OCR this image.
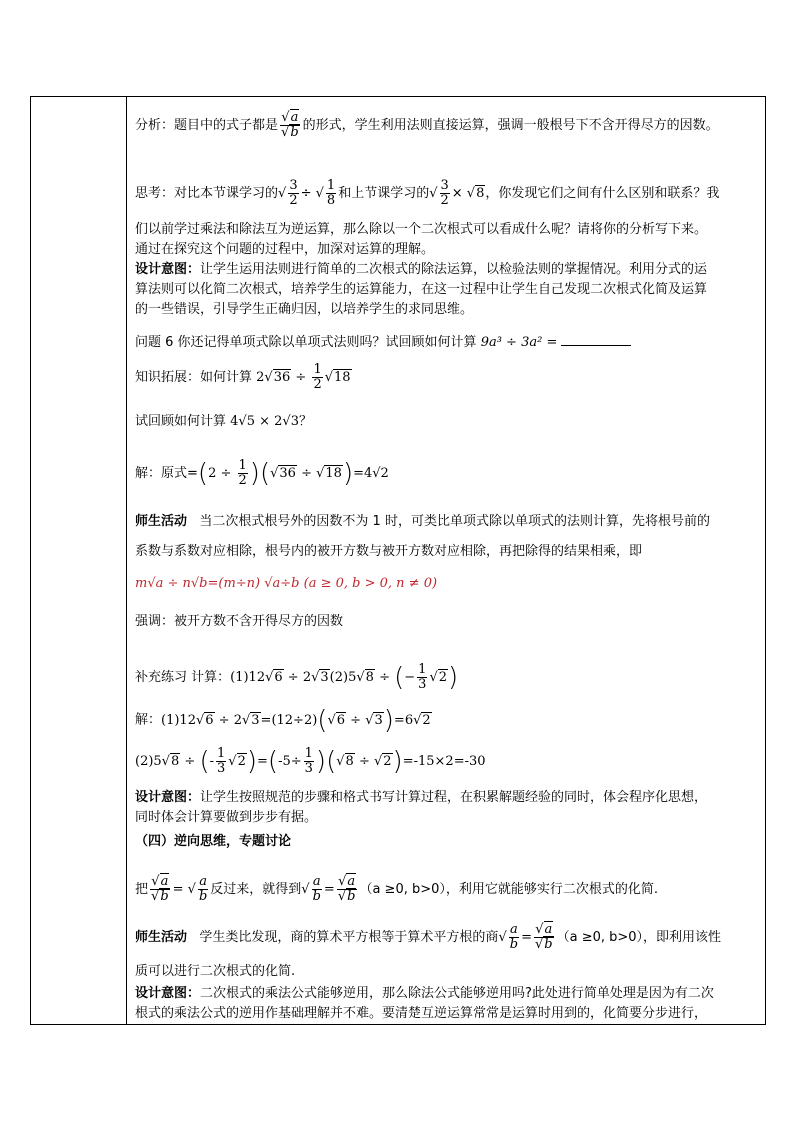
分析：题目中的式子都是 $\frac{√a}{√b}$ 的形式，学生利用法则直接运算，强调一般根号下不含开得尽方的因数。
思考：对比本节课学习的√ $\frac{3}{2}$ ÷ √ $\frac{1}{8}$ 和上节课学习的√ $\frac{3}{2} \times √8$，你发现它们之间有什么区别和联系？我
们以前学过乘法和除法互为逆运算，那么除以一个二次根式可以看成什么呢？请将你的分析写下来。
通过在探究这个问题的过程中，加深对运算的理解。
设计意图：让学生运用法则进行简单的二次根式的除法运算，以检验法则的掌握情况。利用分式的运
算法则可以化简二次根式，培养学生的运算能力，在这一过程中让学生自己发现二次根式化简及运算
的一些错误，引导学生正确归因，以培养学生的求同思维。
问题 6 你还记得单项式除以单项式法则吗？试回顾如何计算 9a³ ÷ 3a² =
知识拓展：如何计算 $2√36 \div \frac{1}{2} √18$
试回顾如何计算 4√5 × 2√3？
解：原式$=(2 \div \frac{1}{2} )(√36 \div √18)=4√2$
师生活动 当二次根式根号外的因数不为 1 时，可类比单项式除以单项式的法则计算，先将根号前的
系数与系数对应相除，根号内的被开方数与被开方数对应相除，再把除得的结果相乘，即
m√a ÷ n√b=(m÷n) √a÷b (a ≥ 0, b > 0, n ≠ 0)
强调：被开方数不含开得尽方的因数
补充练习 计算：(1)12√6 ÷ 2√3(2)5√8 ÷ (− $\frac{1}{3} √2$)
解：(1)12√6 ÷ 2√3=(12÷2)(√6 ÷ √3)=6√2
(2)5√8 ÷ (- $\frac{1}{3} √2)=(-5\div \frac{1}{3} )(√8 \div √2)=-15\times 2=-30$
设计意图：让学生按照规范的步骤和格式书写计算过程，在积累解题经验的同时，体会程序化思想，
同时体会计算要做到步步有据。
（四）逆向思维，专题讨论
把 $\frac{√a}{√b}$ = √ $\frac{a}{b}$ 反过来，就得到√ $\frac{a}{b} = \frac{√a}{√b} (a \ge 0$, b>0），利用它就能够实行二次根式的化简.
师生活动 学生类比发现，商的算术平方根等于算术平方根的商√ $\frac{a}{b} = \frac{√a}{√b} (a \ge 0$, b>0），即利用该性
质可以进行二次根式的化简.
设计意图：二次根式的乘法公式能够逆用，那么除法公式能够逆用吗?此处进行简单处理是因为有二次
根式的乘法公式的逆用作基础理解并不难。要清楚互逆运算常常是运算时用到的，化简要分步进行，
